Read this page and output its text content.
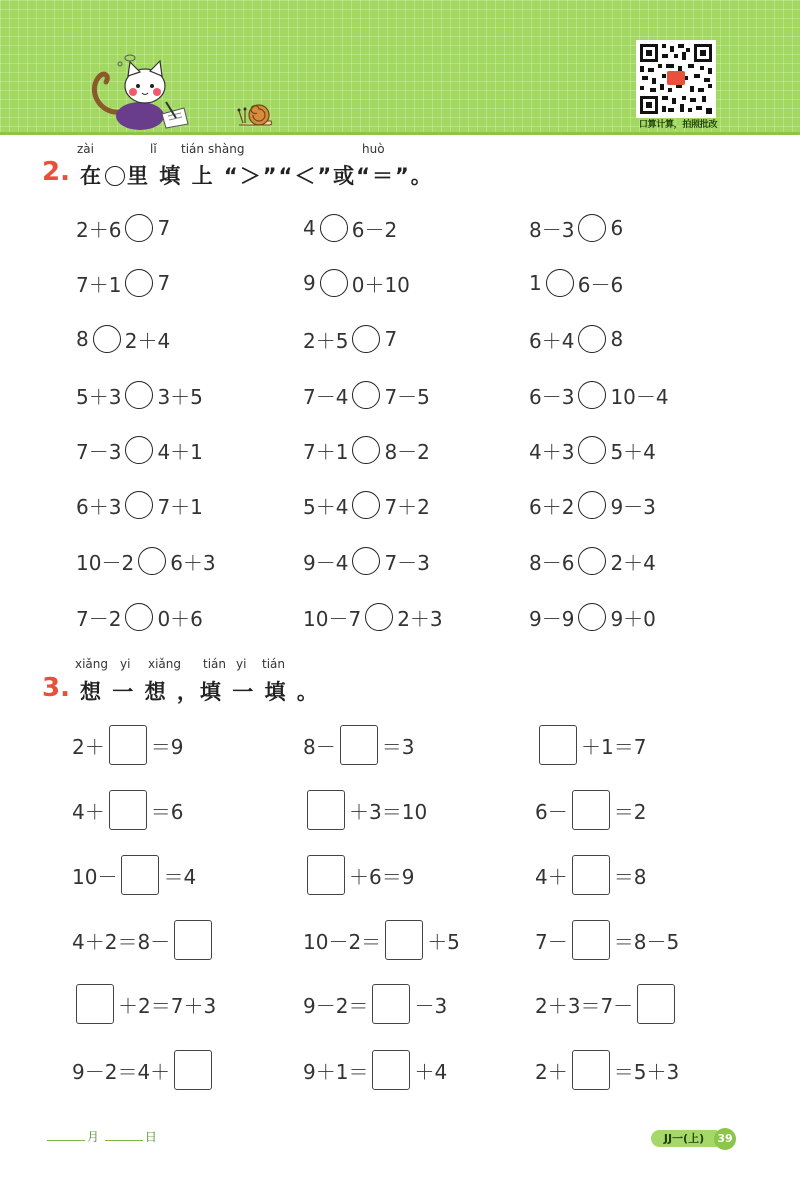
口算计算，拍照批改
zài	lǐ tián shàng	huò
2. 在 里 填 上 “＞”“＜”或“＝”。
2＋6 7	4 6－2	8－3 6
7＋1 7	9 0＋10	1 6－6
8 2＋4	2＋5 7	6＋4 8
5＋3 3＋5	7－4 7－5	6－3 10－4
7－3 4＋1	7＋1 8－2	4＋3 5＋4
6＋3 7＋1	5＋4 7＋2	6＋2 9－3
10－2 6＋3	9－4 7－3	8－6 2＋4
7－2 0＋6	10－7 2＋3	9－9 9＋0
xiǎng yi xiǎng tián yi tián
3. 想 一 想 ，填 一 填 。
2＋ ＝9	8－ ＝3	＋1＝7
4＋ ＝6	＋3＝10	6－ ＝2
10－ ＝4	＋6＝9	4＋ ＝8
4＋2＝8－	10－2＝ ＋5	7－ ＝8－5
＋2＝7＋3	9－2＝ －3	2＋3＝7－
9－2＝4＋	9＋1＝ ＋4	2＋ ＝5＋3
月	日	JJ一(上)	39
